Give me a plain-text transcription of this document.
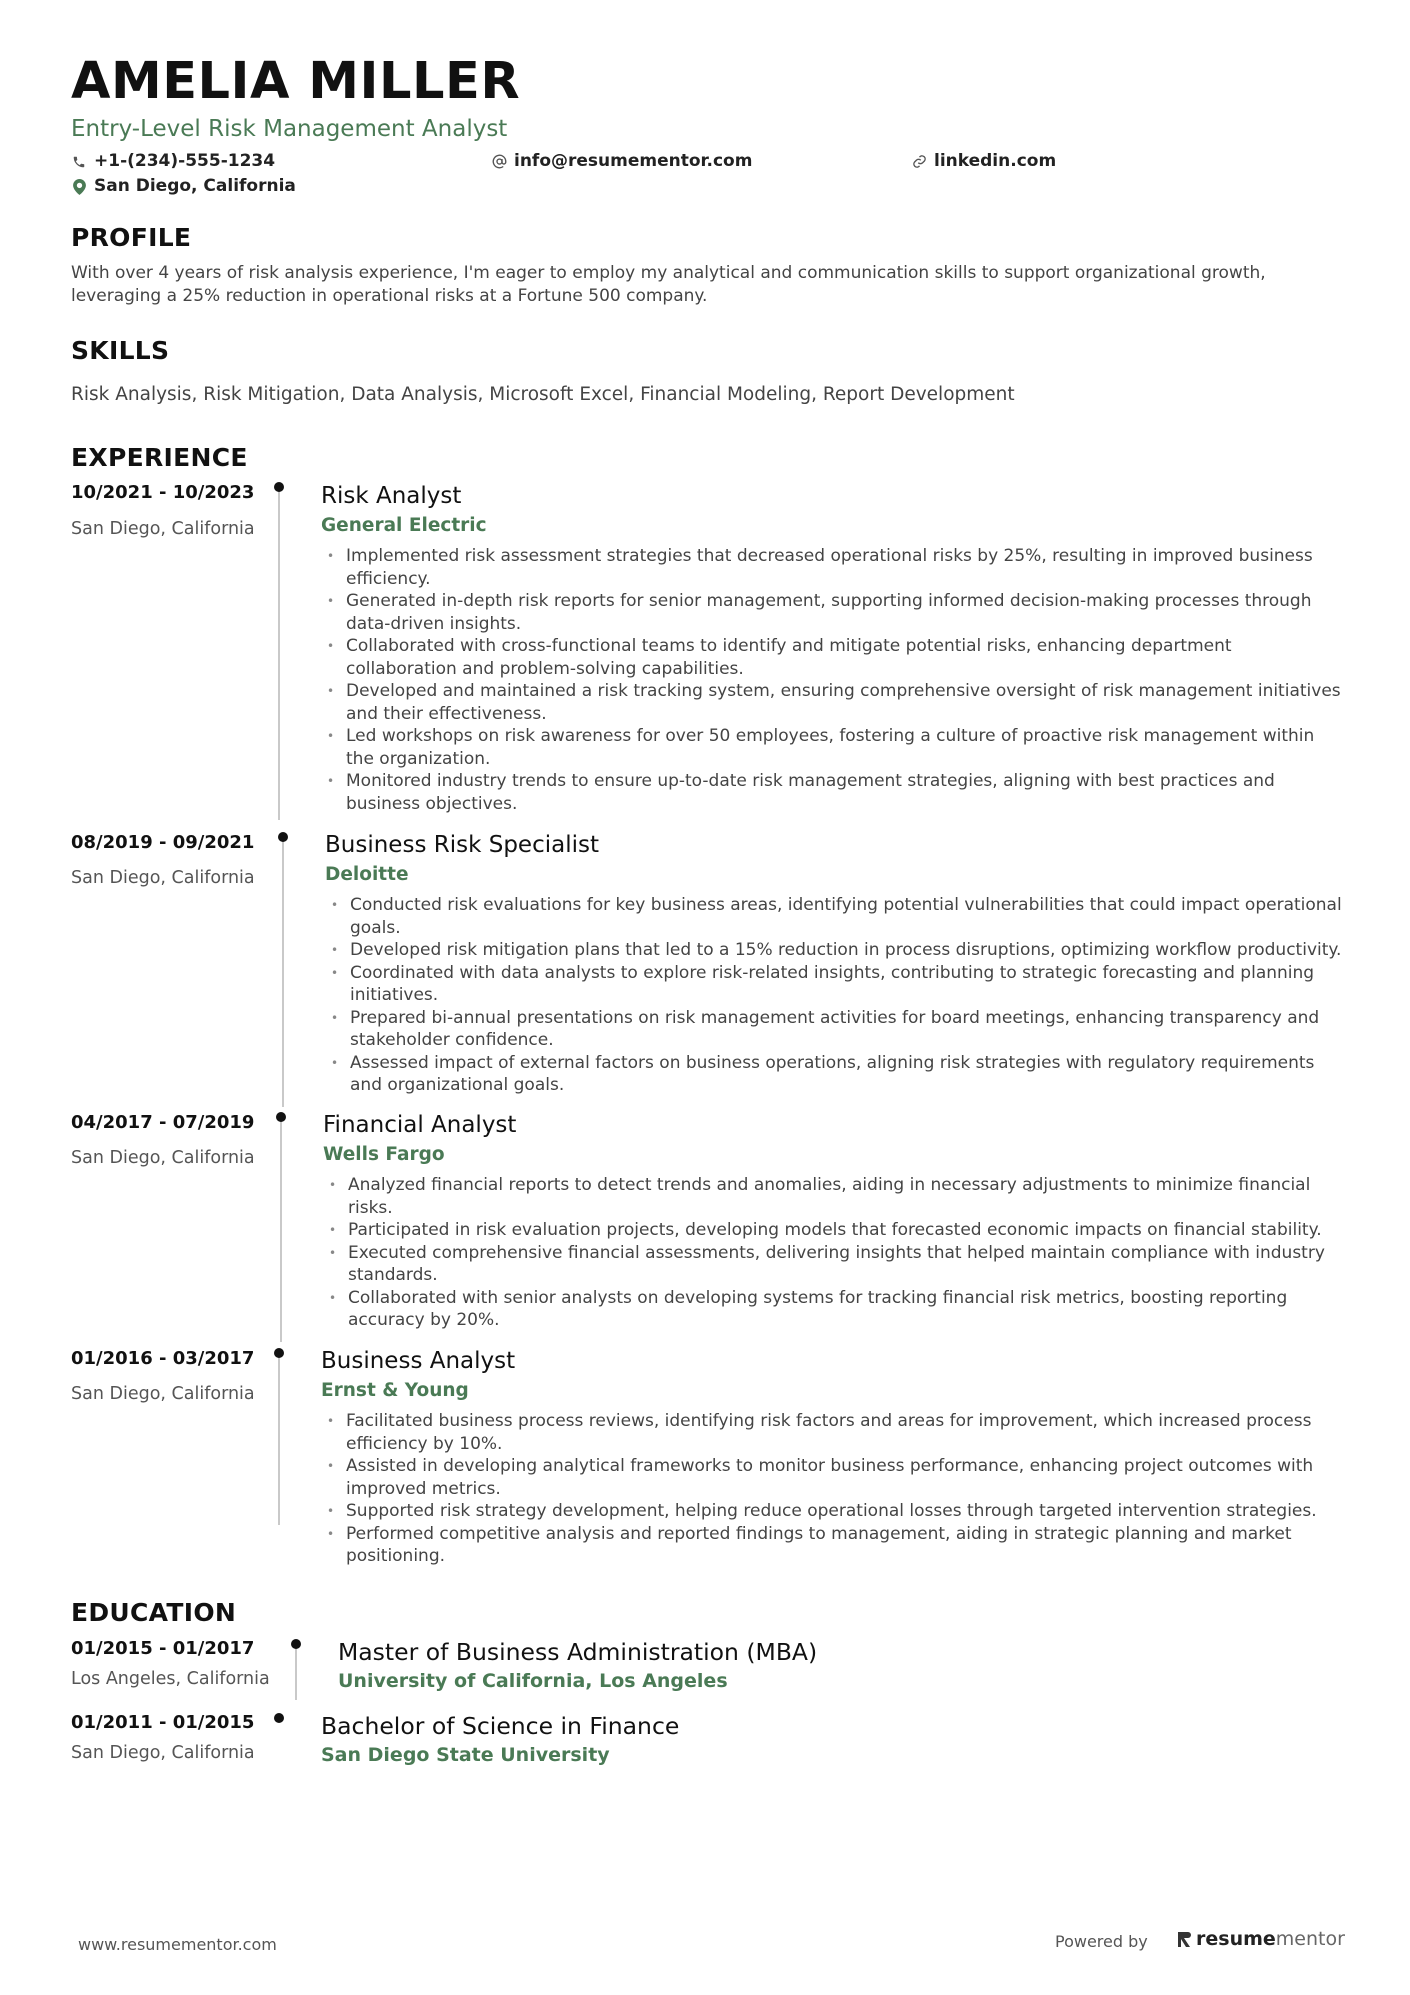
AMELIA MILLER
Entry-Level Risk Management Analyst
+1-(234)-555-1234	info@resumementor.com	linkedin.com
San Diego, California
PROFILE
With over 4 years of risk analysis experience, I'm eager to employ my analytical and communication skills to support organizational growth, leveraging a 25% reduction in operational risks at a Fortune 500 company.
SKILLS
Risk Analysis, Risk Mitigation, Data Analysis, Microsoft Excel, Financial Modeling, Report Development
EXPERIENCE
10/2021 - 10/2023
San Diego, California
Risk Analyst
General Electric
• Implemented risk assessment strategies that decreased operational risks by 25%, resulting in improved business efficiency.
• Generated in-depth risk reports for senior management, supporting informed decision-making processes through data-driven insights.
• Collaborated with cross-functional teams to identify and mitigate potential risks, enhancing department collaboration and problem-solving capabilities.
• Developed and maintained a risk tracking system, ensuring comprehensive oversight of risk management initiatives and their effectiveness.
• Led workshops on risk awareness for over 50 employees, fostering a culture of proactive risk management within the organization.
• Monitored industry trends to ensure up-to-date risk management strategies, aligning with best practices and business objectives.
08/2019 - 09/2021
San Diego, California
Business Risk Specialist
Deloitte
• Conducted risk evaluations for key business areas, identifying potential vulnerabilities that could impact operational goals.
• Developed risk mitigation plans that led to a 15% reduction in process disruptions, optimizing workflow productivity.
• Coordinated with data analysts to explore risk-related insights, contributing to strategic forecasting and planning initiatives.
• Prepared bi-annual presentations on risk management activities for board meetings, enhancing transparency and stakeholder confidence.
• Assessed impact of external factors on business operations, aligning risk strategies with regulatory requirements and organizational goals.
04/2017 - 07/2019
San Diego, California
Financial Analyst
Wells Fargo
• Analyzed financial reports to detect trends and anomalies, aiding in necessary adjustments to minimize financial risks.
• Participated in risk evaluation projects, developing models that forecasted economic impacts on financial stability.
• Executed comprehensive financial assessments, delivering insights that helped maintain compliance with industry standards.
• Collaborated with senior analysts on developing systems for tracking financial risk metrics, boosting reporting accuracy by 20%.
01/2016 - 03/2017
San Diego, California
Business Analyst
Ernst & Young
• Facilitated business process reviews, identifying risk factors and areas for improvement, which increased process efficiency by 10%.
• Assisted in developing analytical frameworks to monitor business performance, enhancing project outcomes with improved metrics.
• Supported risk strategy development, helping reduce operational losses through targeted intervention strategies.
• Performed competitive analysis and reported findings to management, aiding in strategic planning and market positioning.
EDUCATION
01/2015 - 01/2017
Los Angeles, California
Master of Business Administration (MBA)
University of California, Los Angeles
01/2011 - 01/2015
San Diego, California
Bachelor of Science in Finance
San Diego State University
www.resumementor.com	Powered by	resume mentor
